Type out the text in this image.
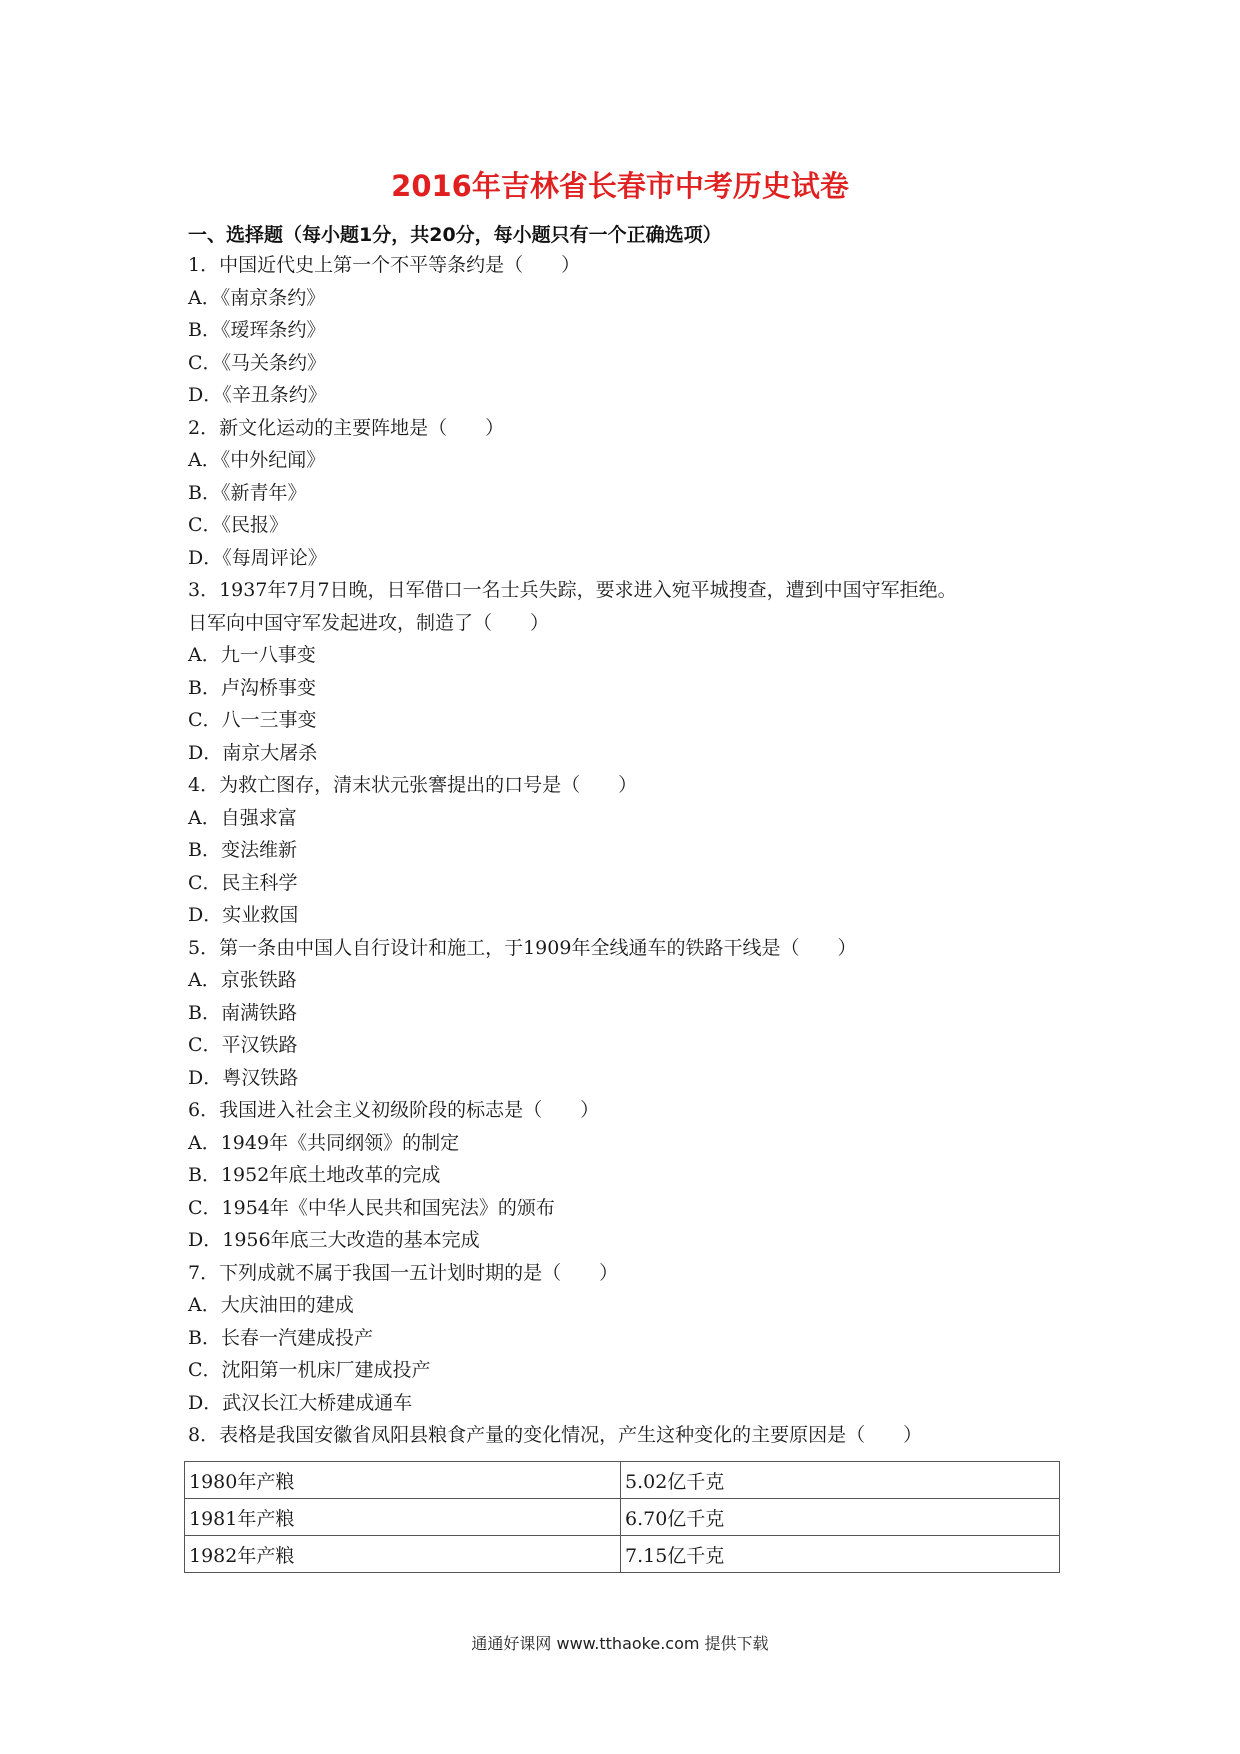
2016年吉林省长春市中考历史试卷
一、选择题（每小题1分，共20分，每小题只有一个正确选项）
1．中国近代史上第一个不平等条约是（　　）
A．《南京条约》
B．《瑷珲条约》
C．《马关条约》
D．《辛丑条约》
2．新文化运动的主要阵地是（　　）
A．《中外纪闻》
B．《新青年》
C．《民报》
D．《每周评论》
3．1937年7月7日晚，日军借口一名士兵失踪，要求进入宛平城搜查，遭到中国守军拒绝。
日军向中国守军发起进攻，制造了（　　）
A．九一八事变
B．卢沟桥事变
C．八一三事变
D．南京大屠杀
4．为救亡图存，清末状元张謇提出的口号是（　　）
A．自强求富
B．变法维新
C．民主科学
D．实业救国
5．第一条由中国人自行设计和施工，于1909年全线通车的铁路干线是（　　）
A．京张铁路
B．南满铁路
C．平汉铁路
D．粤汉铁路
6．我国进入社会主义初级阶段的标志是（　　）
A．1949年《共同纲领》的制定
B．1952年底土地改革的完成
C．1954年《中华人民共和国宪法》的颁布
D．1956年底三大改造的基本完成
7．下列成就不属于我国一五计划时期的是（　　）
A．大庆油田的建成
B．长春一汽建成投产
C．沈阳第一机床厂建成投产
D．武汉长江大桥建成通车
8．表格是我国安徽省凤阳县粮食产量的变化情况，产生这种变化的主要原因是（　　）
1980年产粮	5.02亿千克
1981年产粮	6.70亿千克
1982年产粮	7.15亿千克
通通好课网 www.tthaoke.com 提供下载
